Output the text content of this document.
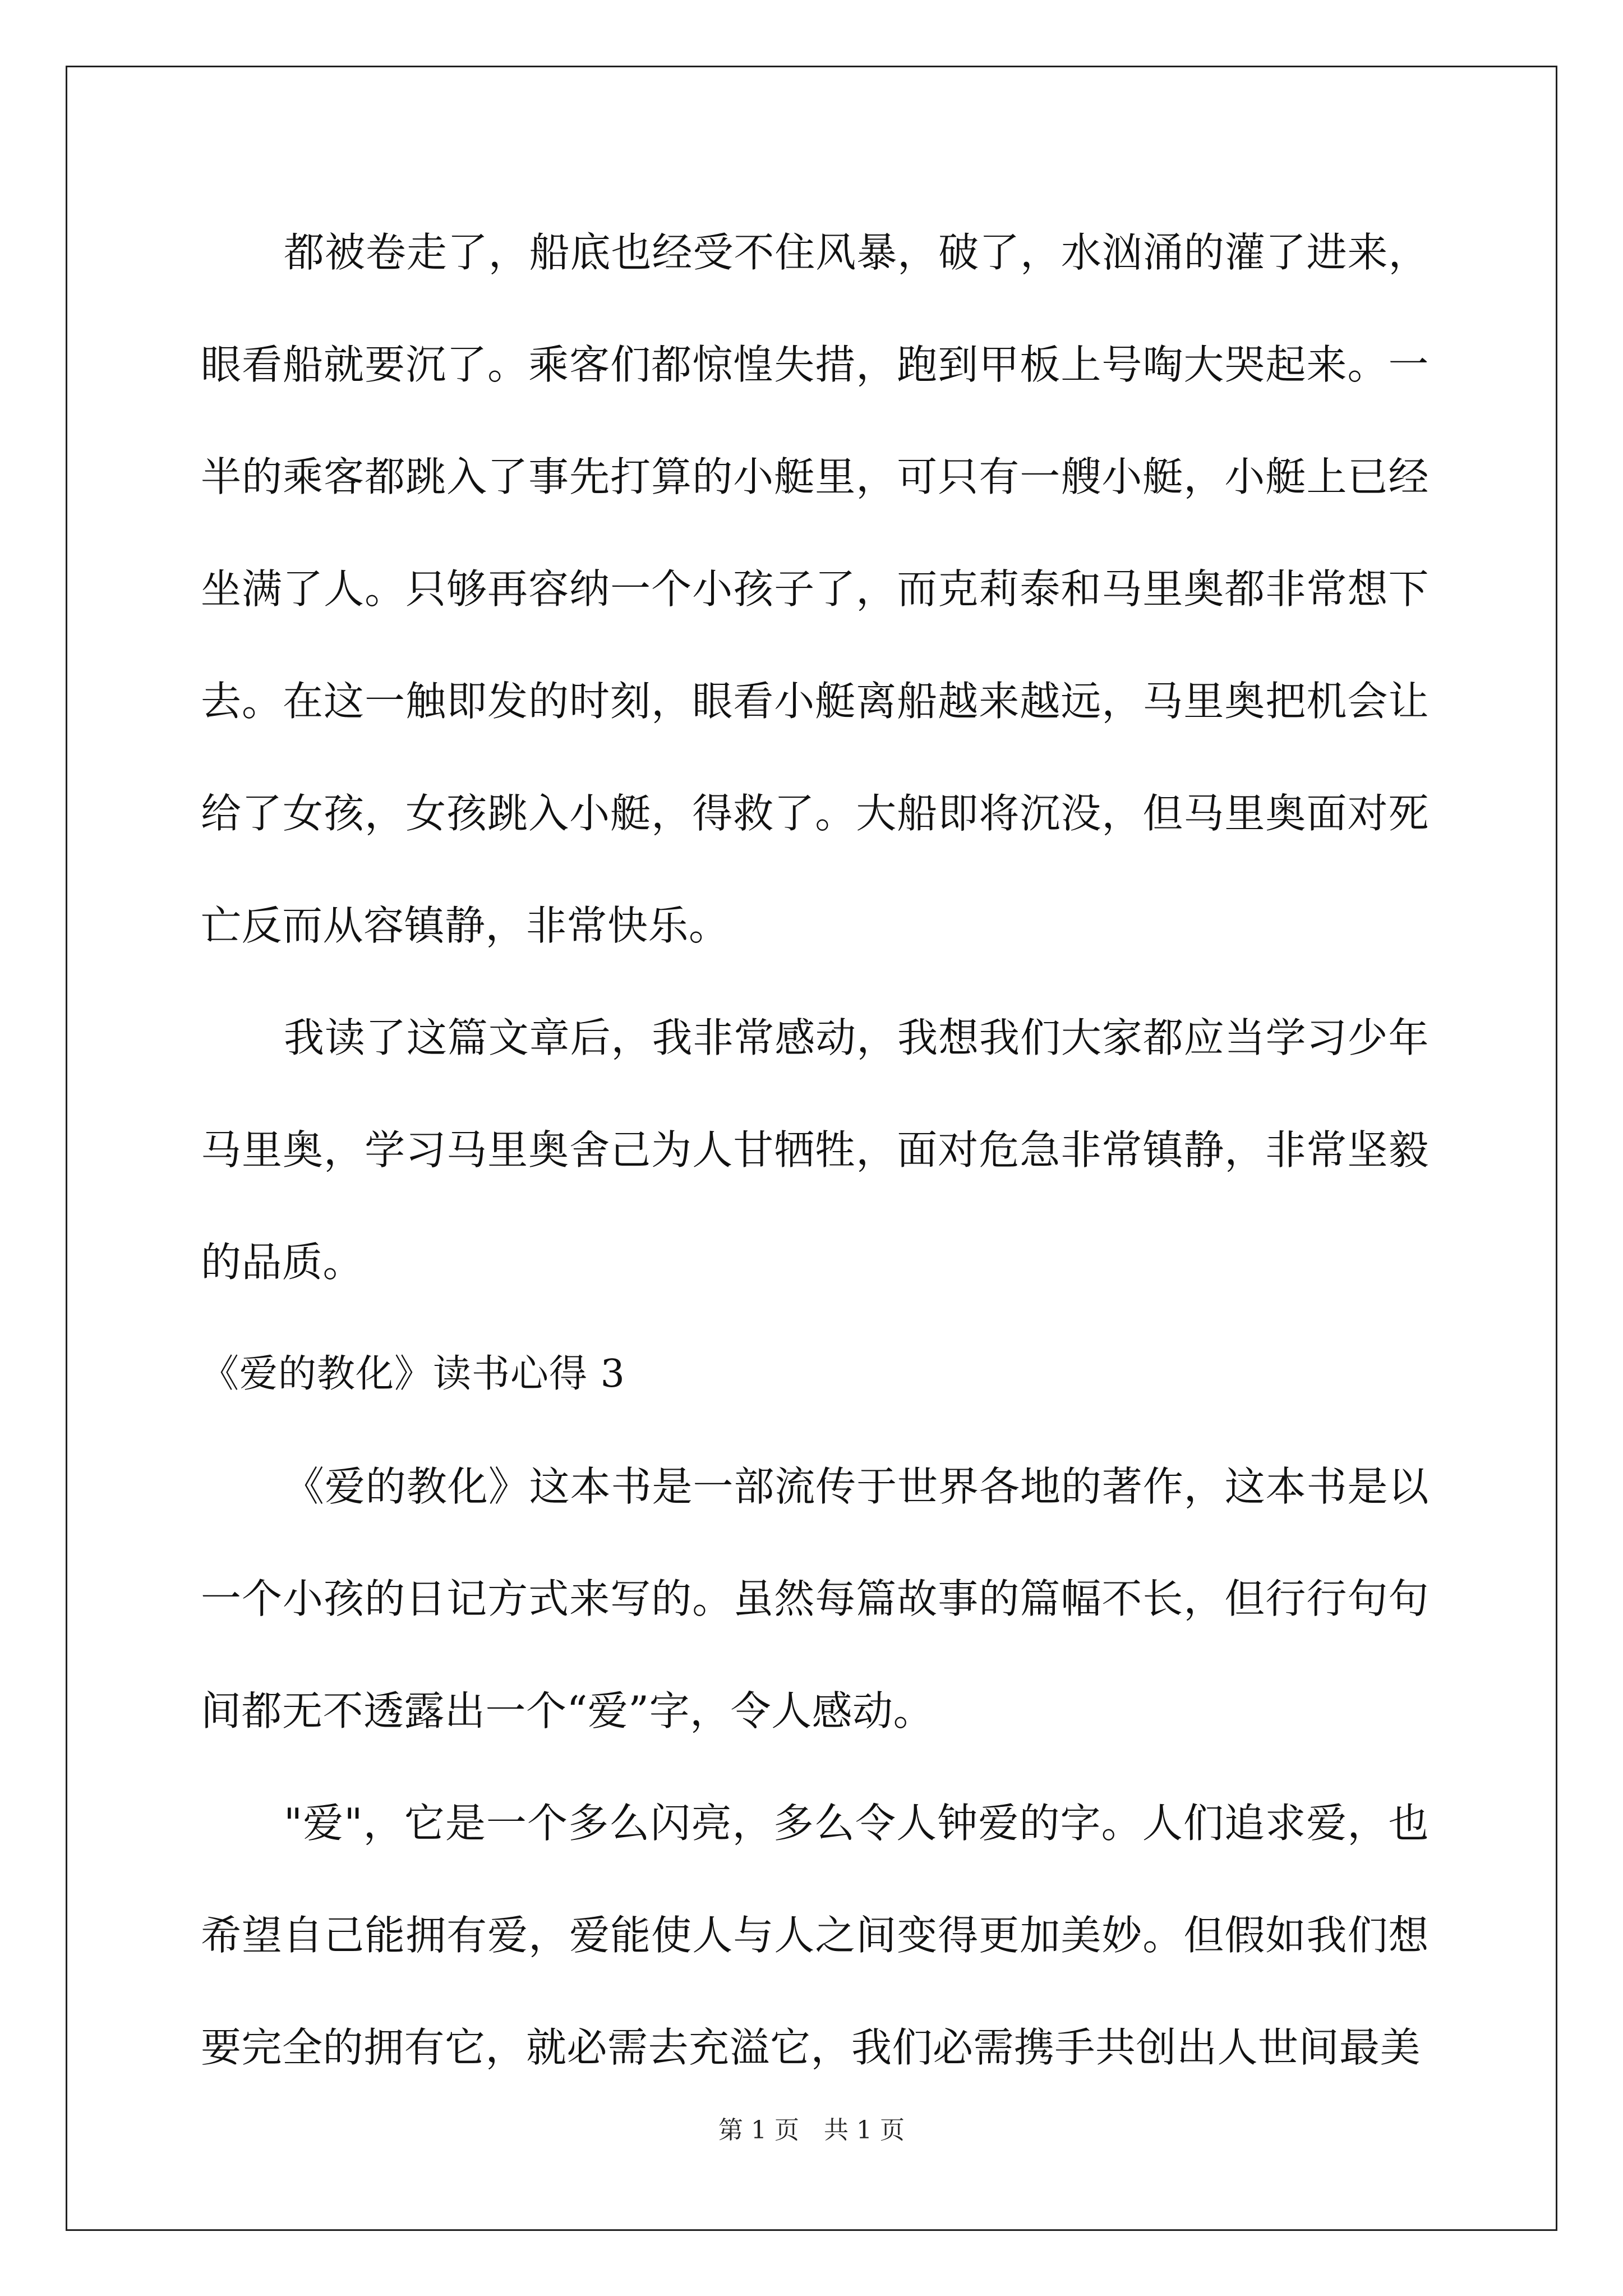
都被卷走了，船底也经受不住风暴，破了，水汹涌的灌了进来，眼看船就要沉了。乘客们都惊惶失措，跑到甲板上号啕大哭起来。一半的乘客都跳入了事先打算的小艇里，可只有一艘小艇，小艇上已经坐满了人。只够再容纳一个小孩子了，而克莉泰和马里奥都非常想下去。在这一触即发的时刻，眼看小艇离船越来越远，马里奥把机会让给了女孩，女孩跳入小艇，得救了。大船即将沉没，但马里奥面对死亡反而从容镇静，非常快乐。

我读了这篇文章后，我非常感动，我想我们大家都应当学习少年马里奥，学习马里奥舍己为人甘牺牲，面对危急非常镇静，非常坚毅的品质。

《爱的教化》读书心得 3

《爱的教化》这本书是一部流传于世界各地的著作，这本书是以一个小孩的日记方式来写的。虽然每篇故事的篇幅不长，但行行句句间都无不透露出一个“爱”字，令人感动。

"爱"，它是一个多么闪亮，多么令人钟爱的字。人们追求爱，也希望自己能拥有爱，爱能使人与人之间变得更加美妙。但假如我们想要完全的拥有它，就必需去充溢它，我们必需携手共创出人世间最美

第 1 页　共 1 页
